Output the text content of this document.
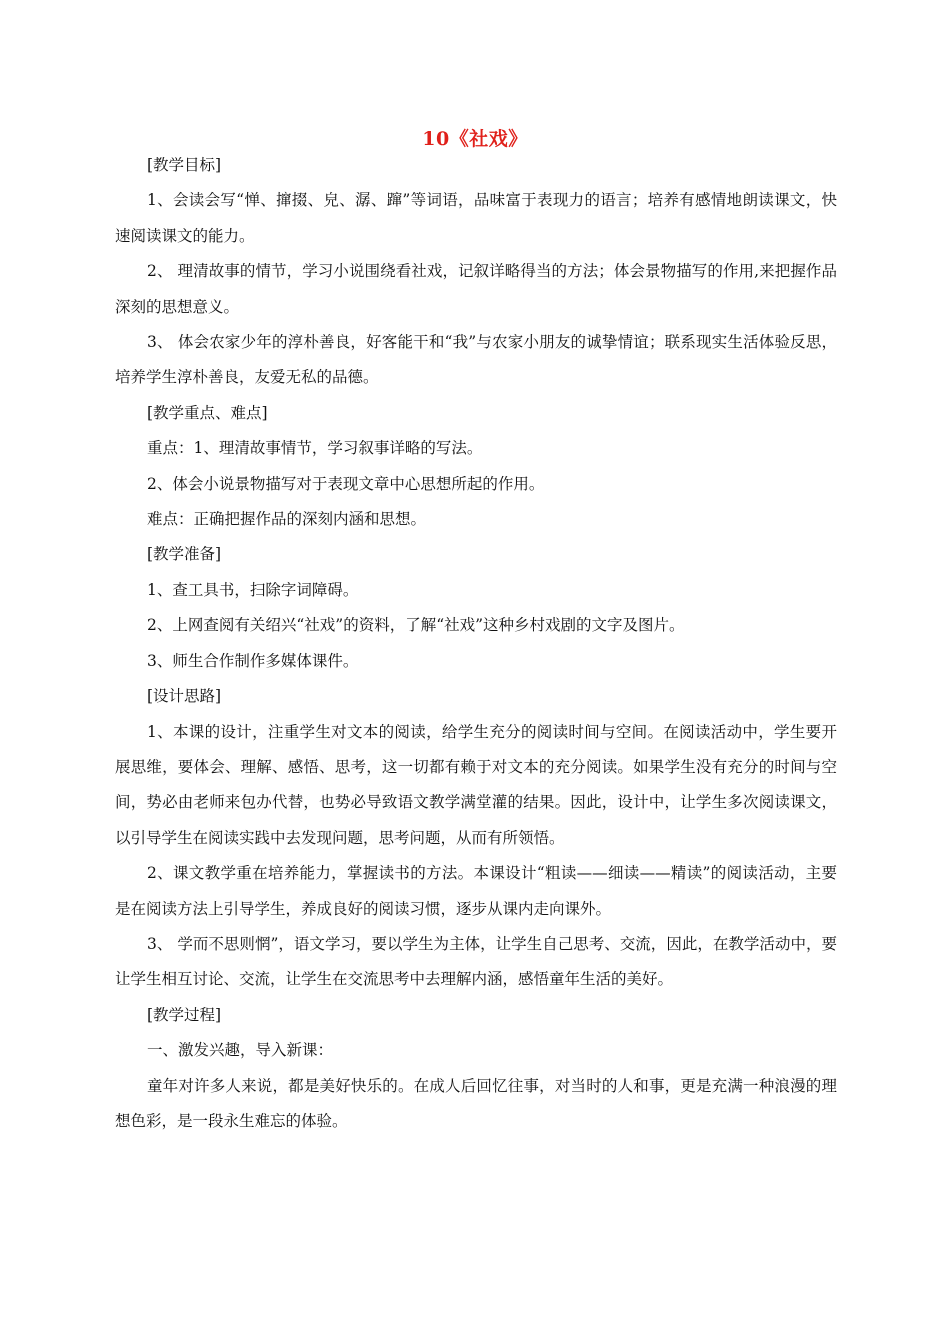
10《社戏》

[教学目标]

1、会读会写“惮、撺掇、皃、潺、蹿”等词语，品味富于表现力的语言；培养有感情地朗读课文，快速阅读课文的能力。

2、 理清故事的情节，学习小说围绕看社戏，记叙详略得当的方法；体会景物描写的作用,来把握作品深刻的思想意义。

3、 体会农家少年的淳朴善良，好客能干和“我”与农家小朋友的诚挚情谊；联系现实生活体验反思，培养学生淳朴善良，友爱无私的品德。

[教学重点、难点]

重点：1、理清故事情节，学习叙事详略的写法。

2、体会小说景物描写对于表现文章中心思想所起的作用。

难点：正确把握作品的深刻内涵和思想。

[教学准备]

1、查工具书，扫除字词障碍。

2、上网查阅有关绍兴“社戏”的资料，了解“社戏”这种乡村戏剧的文字及图片。

3、师生合作制作多媒体课件。

[设计思路]

1、本课的设计，注重学生对文本的阅读，给学生充分的阅读时间与空间。在阅读活动中，学生要开展思维，要体会、理解、感悟、思考，这一切都有赖于对文本的充分阅读。如果学生没有充分的时间与空间，势必由老师来包办代替，也势必导致语文教学满堂灌的结果。因此，设计中，让学生多次阅读课文，以引导学生在阅读实践中去发现问题，思考问题，从而有所领悟。

2、课文教学重在培养能力，掌握读书的方法。本课设计“粗读——细读——精读”的阅读活动，主要是在阅读方法上引导学生，养成良好的阅读习惯，逐步从课内走向课外。

3、 学而不思则惘”，语文学习，要以学生为主体，让学生自己思考、交流，因此，在教学活动中，要让学生相互讨论、交流，让学生在交流思考中去理解内涵，感悟童年生活的美好。

[教学过程]

一、激发兴趣，导入新课：

童年对许多人来说，都是美好快乐的。在成人后回忆往事，对当时的人和事，更是充满一种浪漫的理想色彩，是一段永生难忘的体验。
